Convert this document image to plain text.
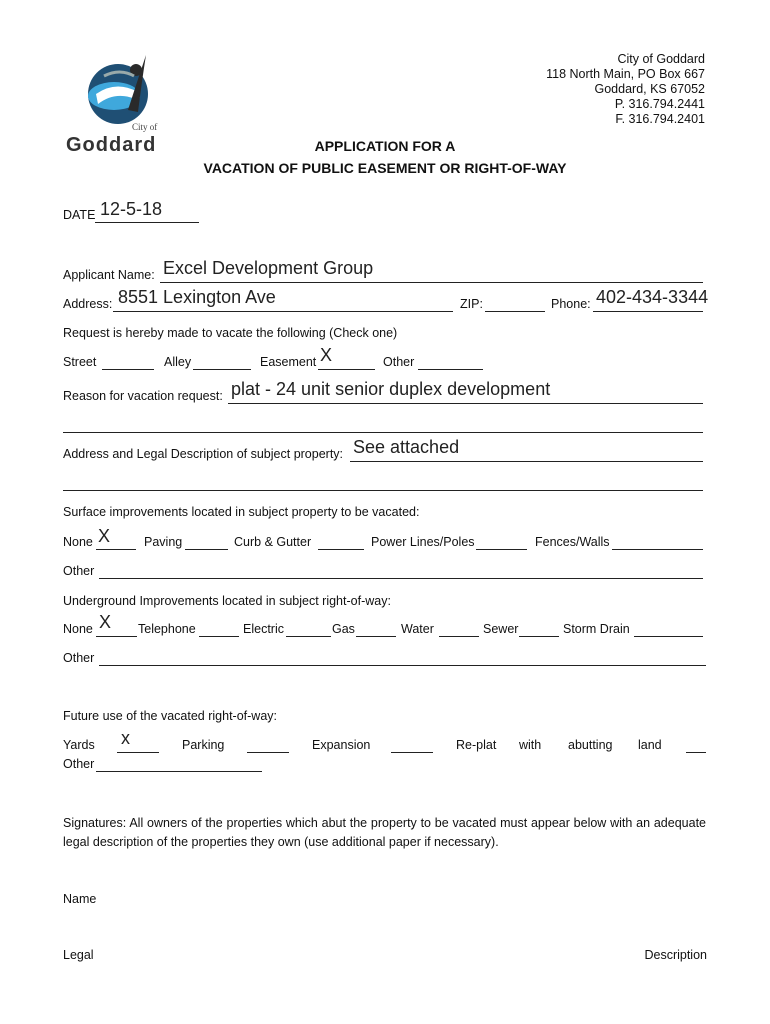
City of
Goddard
City of Goddard
118 North Main, PO Box 667
Goddard, KS 67052
P. 316.794.2441
F. 316.794.2401
APPLICATION FOR A
VACATION OF PUBLIC EASEMENT OR RIGHT-OF-WAY
DATE 12-5-18
Applicant Name: Excel Development Group
Address: 8551 Lexington Ave	ZIP:	Phone: 402-434-3344
Request is hereby made to vacate the following (Check one)
Street	Alley	Easement X	Other
Reason for vacation request: plat - 24 unit senior duplex development
Address and Legal Description of subject property: See attached
Surface improvements located in subject property to be vacated:
None X	Paving	Curb & Gutter	Power Lines/Poles	Fences/Walls
Other
Underground Improvements located in subject right-of-way:
None X Telephone	Electric	Gas	Water	Sewer	Storm Drain
Other
Future use of the vacated right-of-way:
Yards x	Parking	Expansion	Re-plat with abutting land
Other
Signatures: All owners of the properties which abut the property to be vacated must appear below with an adequate legal description of the properties they own (use additional paper if necessary).
Name
Legal	Description
